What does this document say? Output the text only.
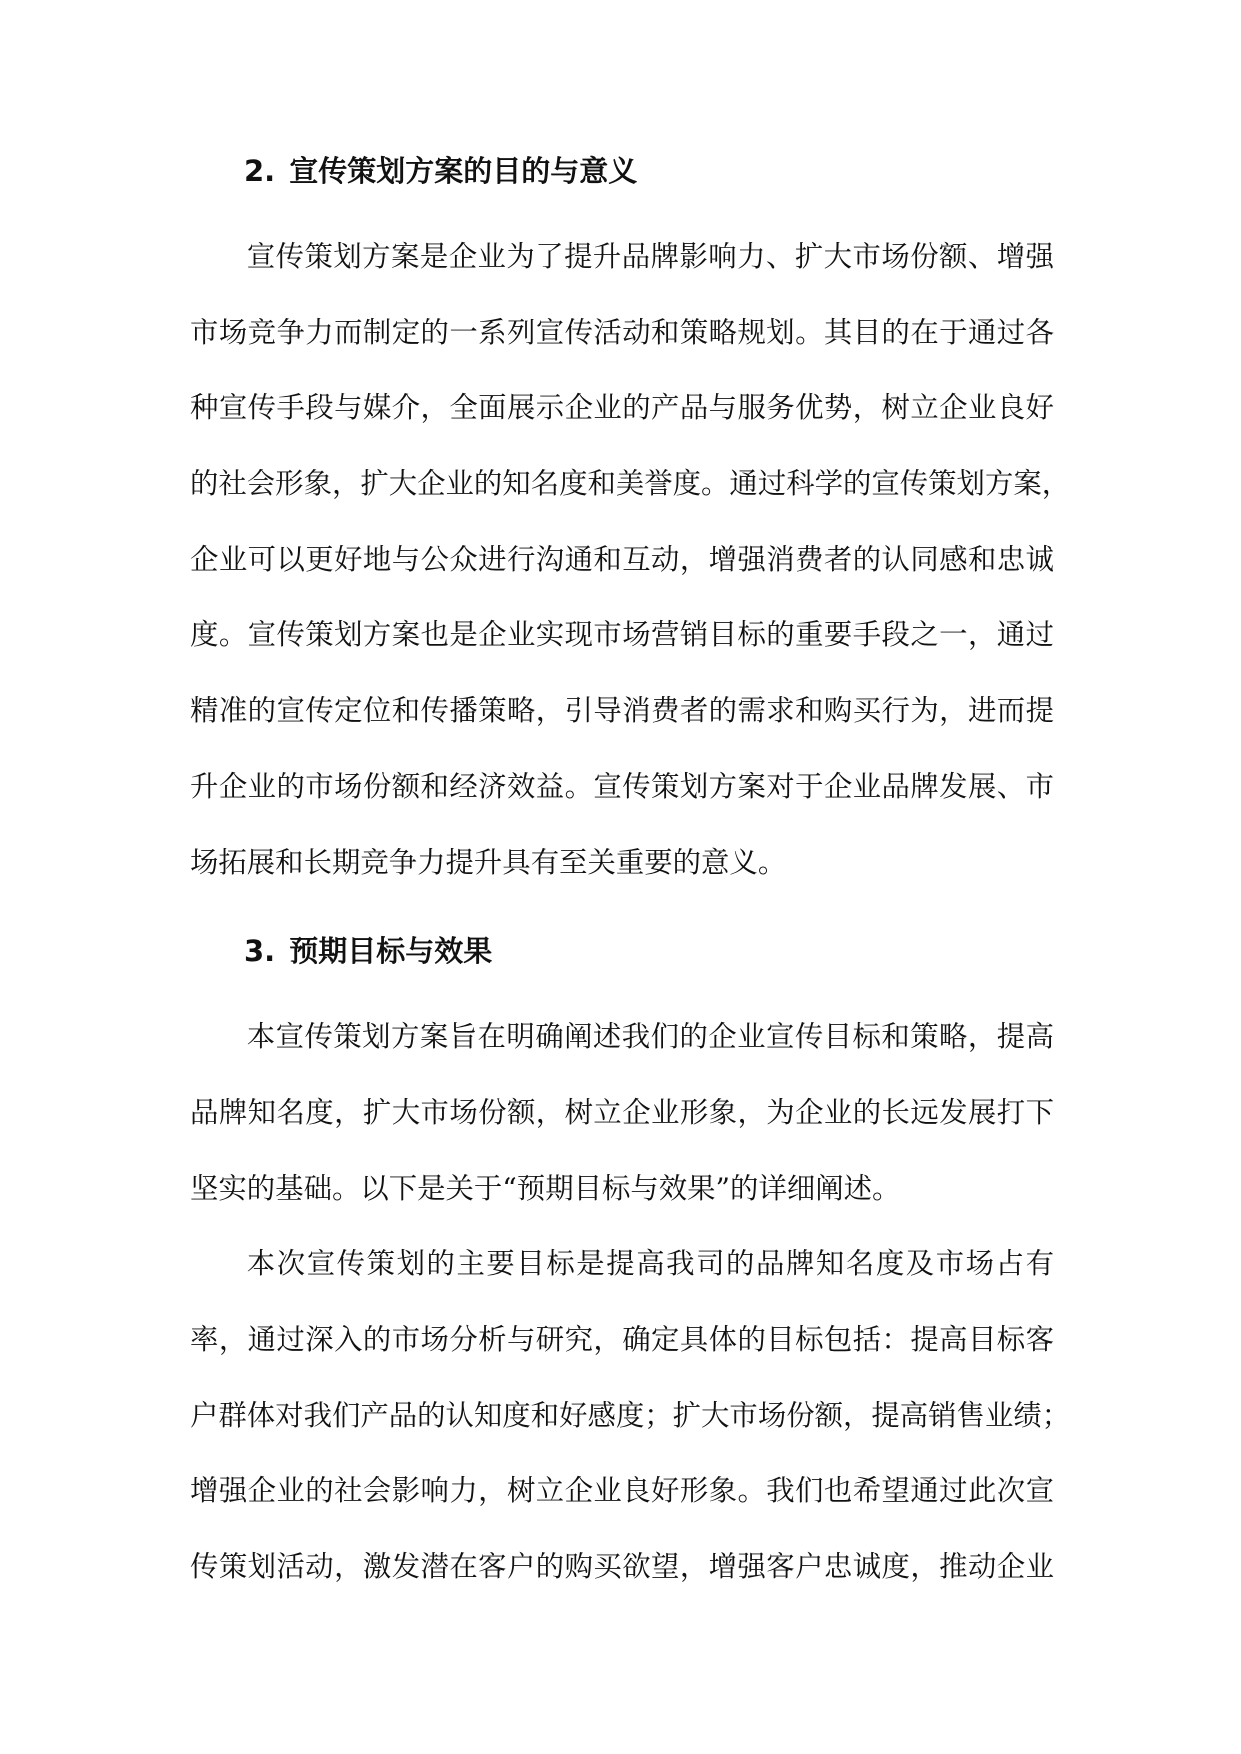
2. 宣传策划方案的目的与意义
宣传策划方案是企业为了提升品牌影响力、扩大市场份额、增强
市场竞争力而制定的一系列宣传活动和策略规划。其目的在于通过各
种宣传手段与媒介，全面展示企业的产品与服务优势，树立企业良好
的社会形象，扩大企业的知名度和美誉度。通过科学的宣传策划方案，
企业可以更好地与公众进行沟通和互动，增强消费者的认同感和忠诚
度。宣传策划方案也是企业实现市场营销目标的重要手段之一，通过
精准的宣传定位和传播策略，引导消费者的需求和购买行为，进而提
升企业的市场份额和经济效益。宣传策划方案对于企业品牌发展、市
场拓展和长期竞争力提升具有至关重要的意义。
3. 预期目标与效果
本宣传策划方案旨在明确阐述我们的企业宣传目标和策略，提高
品牌知名度，扩大市场份额，树立企业形象，为企业的长远发展打下
坚实的基础。以下是关于“预期目标与效果”的详细阐述。
本次宣传策划的主要目标是提高我司的品牌知名度及市场占有
率，通过深入的市场分析与研究，确定具体的目标包括：提高目标客
户群体对我们产品的认知度和好感度；扩大市场份额，提高销售业绩；
增强企业的社会影响力，树立企业良好形象。我们也希望通过此次宣
传策划活动，激发潜在客户的购买欲望，增强客户忠诚度，推动企业
